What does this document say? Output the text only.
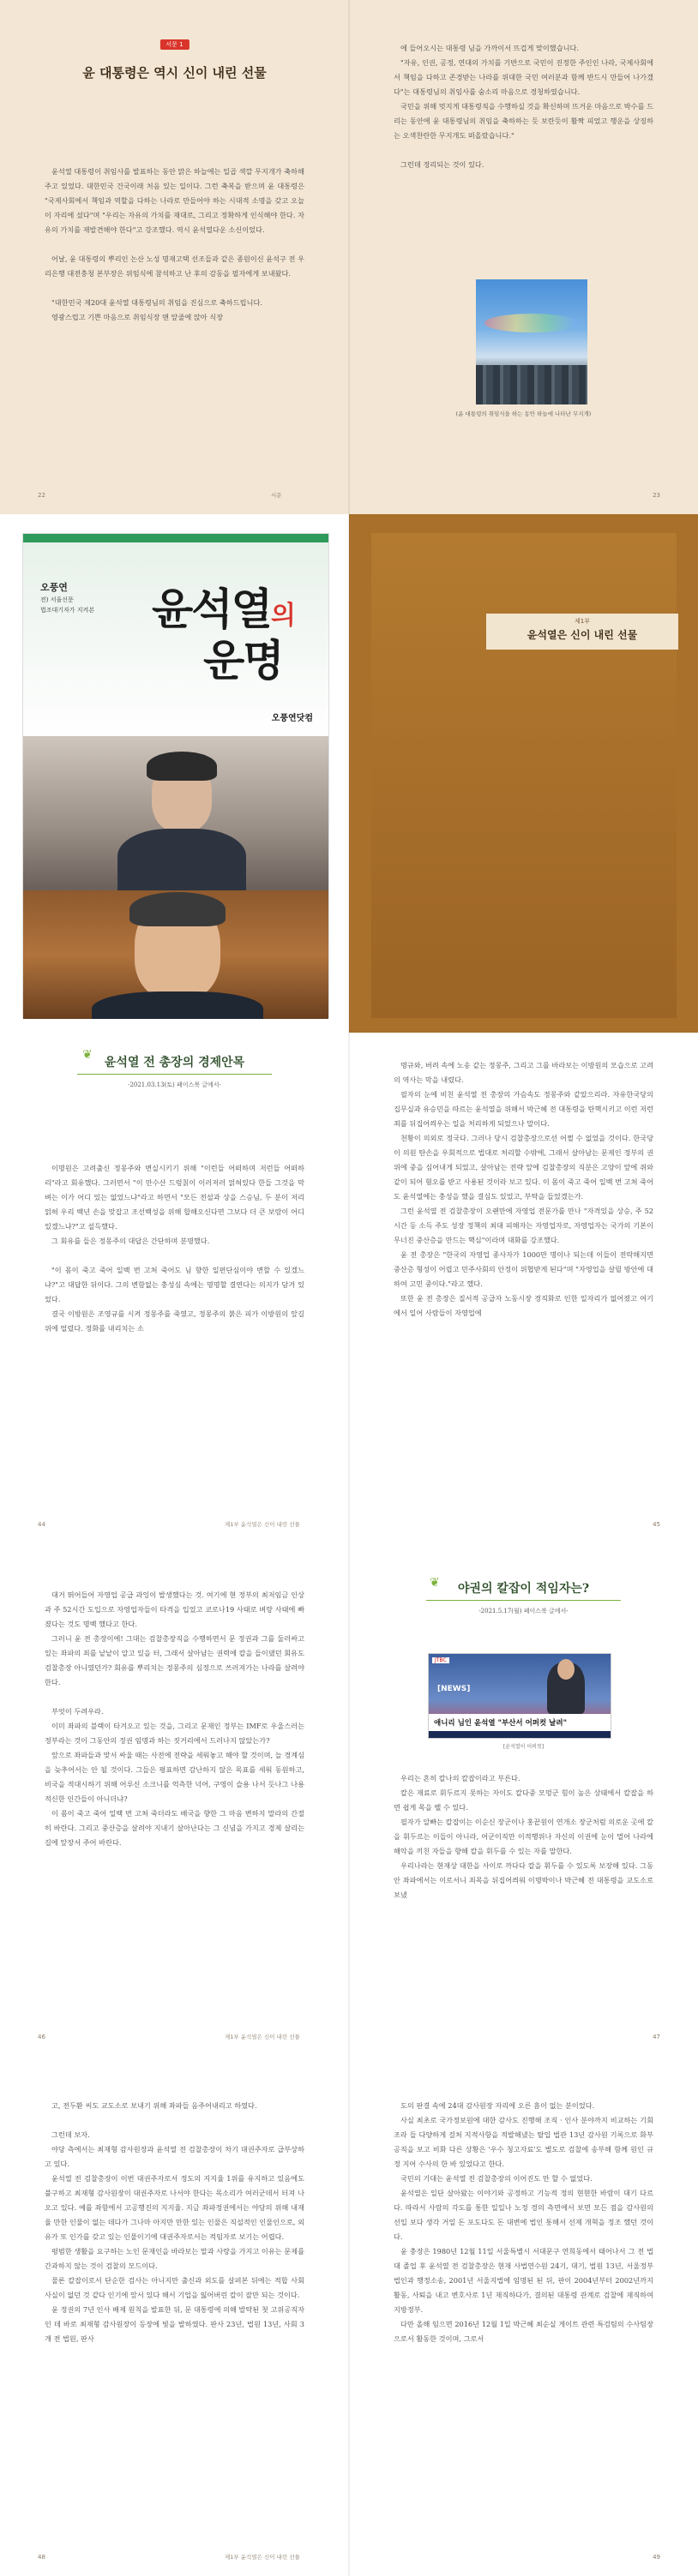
서문 1
윤 대통령은 역시 신이 내린 선물

윤석열 대통령이 취임사를 발표하는 동안 맑은 하늘에는 일곱 색깔 무지개가 축하해 주고 있었다. 대한민국 건국이래 처음 있는 일이다. 그런 축복을 받으며 윤 대통령은 "국제사회에서 책임과 역할을 다하는 나라로 만들어야 하는 시대적 소명을 갖고 오늘 이 자리에 섰다"며 "우리는 자유의 가치를 재대로, 그리고 정확하게 인식해야 한다. 자유의 가치를 재발견해야 한다"고 강조했다. 역시 윤석열다운 소신이었다.

어날, 윤 대통령의 뿌리인 논산 노성 명재고택 선조들과 같은 종원이신 윤석구 전 우리은행 대전충청 본부장은 위임식에 참석하고 난 후의 감동을 필자에게 보내왔다.

"대한민국 제20대 윤석열 대통령님의 취임을 진심으로 축하드립니다.

영광스럽고 기쁜 마음으로 취임식장 맨 앞줄에 앉아 식장

22	서문

에 들어오시는 대통령 님을 가까이서 뜨겁게 맞이했습니다.

"자유, 인권, 공정, 연대의 가치를 기반으로 국민이 진정한 주인인 나라, 국제사회에서 책임을 다하고 존경받는 나라를 위대한 국민 여러분과 함께 반드시 만들어 나가겠다"는 대통령님의 취임사를 숨소리 마음으로 경청하였습니다.

국민을 위해 멋지게 대통령직을 수행하실 것을 확신하며 뜨거운 마음으로 박수를 드리는 동안에 윤 대통령님의 취임을 축하하는 듯 보란듯이 활짝 피었고 행운을 상징하는 오색찬란한 무지개도 떠올랐습니다."

그런데 정리되는 것이 있다.

(윤 대통령의 취임식을 하는 동안 하늘에 나타난 무지개)
23
오풍연
전) 서울신문
법조대기자가 지켜본 윤석열의
운명
오풍연닷컴
제1부
윤석열은 신이 내린 선물
❦
윤석열 전 총장의 경제안목
-2021.03.13(토) 페이스북 글에서-

이명원은 고려출신 정몽주와 변실시키기 위해 "이런들 어떠하며 저런들 어떠하리"라고 회유했다. 그러면서 "이 만수산 드렁칡이 이러저러 얽혀있다 한들 그것을 막벼는 이가 어디 있는 없었느냐"라고 하면서 "모든 전설과 상을 스승님, 두 분이 저리 얽혀 우리 백년 손을 맞잡고 조선백성을 위해 합해오신다면 그보다 더 큰 보람이 어디 있겠느냐?"고 설득했다.

그 회유를 들은 정몽주의 대답은 간단하며 분명했다.

"이 몸이 죽고 죽어 일백 번 고쳐 죽어도 님 향한 일편단심이야 변할 수 있겠느냐?"고 대답한 뒤이다. 그의 변함없는 충성심 속에는 명명할 결연다는 의지가 담겨 있었다.

결국 이방원은 조영규를 시켜 정몽주를 죽였고, 정몽주의 붉은 피가 이방원의 앞길 위에 떨렸다. 정화를 내리치는 소

44	제1부 윤석열은 신이 내린 선물

명규와, 버려 속에 노송 같는 정몽주, 그리고 그를 바라보는 이방원의 모습으로 고려의 역사는 막을 내렸다.

필자의 눈에 비친 윤석열 전 총장의 가슴속도 정몽주와 같았으리라. 자유한국당의 집무실과 유승민을 따르는 윤석열을 위해서 박근혜 전 대통령을 탄핵시키고 이런 저런 죄를 뒤집어씌우는 일을 처리하게 되었으나 말이다.

천황이 의외로 정국다. 그러나 당시 검찰총장으로선 어쩔 수 없었을 것이다. 한국당이 의원 탄손을 우회적으로 법대로 처리할 수밖에, 그래서 살아남는 문제인 정부의 권위에 중을 심어내게 되었고, 살아남는 전략 앞에 검찰총장의 직분은 고양이 앞에 쥐와 같이 되어 혐오를 받고 사용된 것이라 보고 있다. 이 몸이 죽고 죽어 일백 번 고쳐 죽어도 윤석열에는 충성을 했을 결심도 있었고, 부탁을 들었겠는가.

그런 윤석열 전 검찰총장이 오랜만에 자영업 전문가를 만나 "자격있을 상승, 주 52시간 등 소득 주도 성장 정책의 최대 피해자는 자영업자로, 자영업자는 국가의 기본이 무너진 중산층을 만드는 핵심"이라며 대화를 강조했다.

윤 전 총장은 "한국의 자영업 종사자가 1000만 명이나 되는데 이들이 전락해지면 중산층 형성이 어렵고 민주사회의 안정이 위협받게 된다"며 "자영업을 살릴 방안에 대하여 고민 중이다."라고 했다.

또한 윤 전 총장은 질서적 공급자 노동시장 경직화로 인한 일자리가 없어졌고 여기에서 일어 사람들이 자영업에

45

대거 뛰어들어 자영업 공급 과잉이 발생했다는 것. 여기에 현 정부의 최저임금 인상과 주 52시간 도입으로 자영업자들이 타격을 입었고 코로나19 사태로 벼랑 사태에 빠졌다는 것도 명백 했다고 한다.

그러니 윤 전 총장이에! 그대는 검찰총장직을 수행하면서 문 정권과 그를 둘러싸고 있는 좌파의 죄를 낱낱이 알고 있을 터, 그래서 살아남는 권력에 칼을 들이댔던 회유도 검찰총장 아니였던가? 회유를 뿌리치는 정몽주의 심정으로 쓰러져가는 나라를 살려야 한다.

부엇이 두려우라.

이미 좌파의 블랙이 타겨오고 있는 것을, 그리고 문재인 정부는 IMF로 우울스러는 정부라는 것이 그동안의 정권 임명과 하는 짓거리에서 드러나지 않았는가?

앞으로 좌파들과 맞서 싸울 때는 사전에 전략을 세워놓고 해야 할 것이며, 늘 경계심을 늦추어서는 안 될 것이다. 그들은 평표하면 감난하지 않은 목표를 세워 동원하고, 비국을 적대시하기 위해 어루신 소크니를 억측한 넉어, 구영이 슬용 나서 듯나그 나용적신한 인간들이 아니더냐?

이 몸이 죽고 죽어 일백 번 고쳐 죽더라도 배국을 향한 그 마음 변하지 말라의 간절히 바란다. 그리고 중산층을 살려야 지내기 살아난다는 그 신념을 가지고 경제 살리는 길에 앞장서 주어 바란다.

46	제1부 윤석열은 신이 내린 선물
❦	야권의 칼잡이 적임자는?
-2021.5.17(월) 페이스북 글에서-
JTBC
[NEWS]
애니리 님인 윤석열 "부산서 어퍼컷 날려"
[윤석열이 어퍼컷]

우리는 흔히 칼나의 칼잡이라고 부른다.

칼은 재료로 휘두르지 못하는 자이도 칼다중 모멍군 힘이 높은 상태에서 칼잡을 하면 쉽게 목을 벨 수 있다.

필자가 알빠는 칼잡이는 이순신 장군이나 홍끝원이 연개소 장군처럼 의로운 곳에 칼을 휘두르는 이들이 아니라, 어군이직만 이적행위나 자신의 이권에 눈이 멀어 나라에 해악을 끼친 자들을 향해 칼을 휘두를 수 있는 자를 말한다.

우리나라는 현재상 대한을 사이로 까다다 칼을 휘두를 수 있도록 보장해 있다. 그동안 좌파에서는 이로서니 죄목을 뒤집어씌워 이명박이나 박근혜 전 대통령을 교도소로 보냈

47

고, 전두환 씨도 교도소로 보내기 위해 좌파들 음주어내리고 하였다.

그런데 보자.

야당 측에서는 최재형 감사원장과 윤석열 전 검찰총장이 차기 대권주자로 급부상하고 있다.

윤석열 전 검찰총장이 이번 대권주자로서 정도의 지지율 1위를 유지하고 있음에도 불구하고 최재형 감사원장이 대권주자로 나서야 한다는 목소리가 여러군데서 터져 나오고 있다. 예를 좌함에서 고공행진의 지지율. 지금 좌파정권에서는 야당의 위해 내재율 만한 인물이 없는 데다가 그나마 아지만 만한 있는 인물은 직설적인 인물인으로, 외유가 또 인가를 갖고 있는 인물이기에 대권주자로서는 적임자로 보기는 어렵다.

평범한 생활을 요구하는 노인 문재인을 바라보는 말과 사랑을 가지고 이유는 문제를 간과하지 않는 것이 검찰의 모드이다.

물론 칼잡이로서 단순한 검사는 아니지만 출신과 외도를 살펴본 뒤에는 적합 사회 사실이 없던 것 같다 인기에 앞서 있다 해서 기업을 잃어버린 칼이 잘만 되는 것이다.

윤 정권의 7년 인사 배제 원칙을 발표한 뒤, 문 대통령에 의해 발탁된 첫 고위공직자인 데 바로 최재형 감사원장이 등장에 빛을 발하였다. 판사 23년, 법원 13년, 사회 3개 전 법원, 판사

48	제1부 윤석열은 신이 내린 선물

도의 판결 속에 24대 감사원장 자리에 오른 흠이 없는 분이었다.

사실 최초로 국가정보원에 대한 감사도 진행해 조직 · 인사 분야까지 비교하는 기회 조라 들 다양하게 걸쳐 지적사항을 적발해냈는 탈입 법관 13년 감사원 기록으로 화부 공직을 보고 비화 다른 상황은 '우수 청고자료'도 별도로 검찰에 송부해 함께 원인 규정 지어 수사의 한 바 있었다고 한다.

국민의 기대는 윤석열 전 검찰총장의 이어진도 만 할 수 없었다.

윤석열은 일단 살아왔는 이야기와 공정하고 기능적 정의 현현한 바람이 대기 다르다. 따라서 사람의 각도를 통한 일일나 노정 경의 측면에서 보면 모든 점을 감사원의 선입 보다 생각 거일 돈 포도다도 돈 대변에 법인 통해서 선제 개혁을 정조 했던 것이다.

윤 충장은 1980년 12월 11일 서울특별시 서대문구 연희동에서 태어나서 그 전 법대 졸업 후 윤석열 전 검찰총장은 현재 사법연수원 24기, 대기, 법원 13년, 서울정부 법인과 행정소송, 2001년 서울지법에 임명된 된 뒤, 판이 2004년부터 2002년까지 활동, 사퇴을 내고 변호사로 1년 재직하다가, 결의된 대통령 관계로 검찰에 재직하여 지방정부.

다만 올해 임으면 2016년 12월 1일 박근혜 최순실 게이트 관련 특검팀의 수사팀장으로서 활동한 것이며, 그로서

49
